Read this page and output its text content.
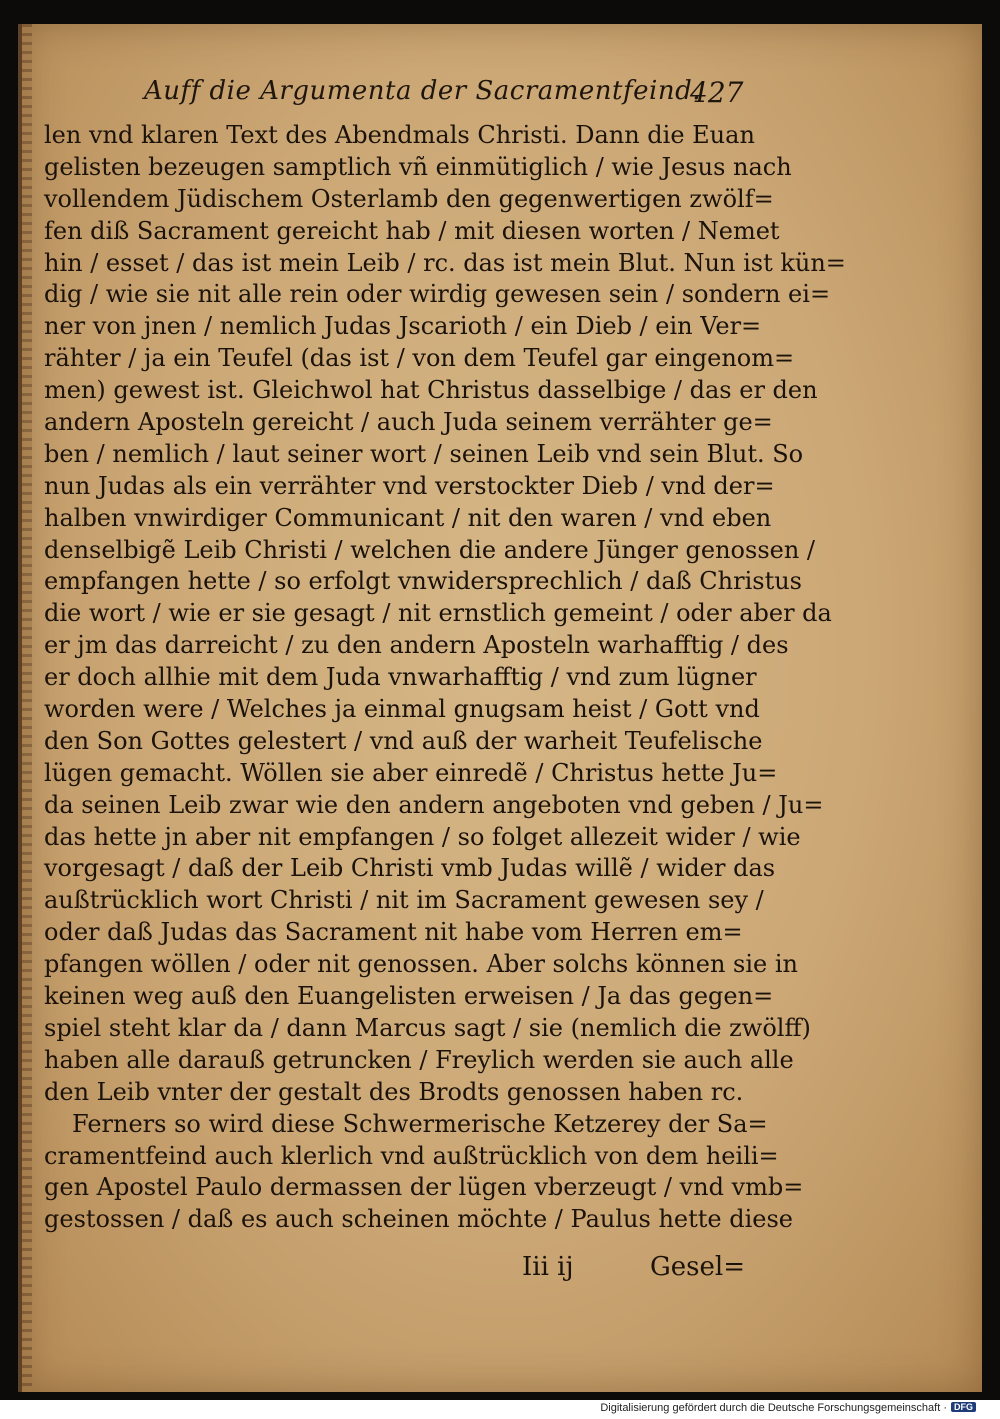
Auff die Argumenta der Sacramentfeind.
427
len vnd klaren Text des Abendmals Christi. Dann die Euan
gelisten bezeugen samptlich vñ einmütiglich / wie Jesus nach
vollendem Jüdischem Osterlamb den gegenwertigen zwölf=
fen diß Sacrament gereicht hab / mit diesen worten / Nemet
hin / esset / das ist mein Leib / rc. das ist mein Blut. Nun ist kün=
dig / wie sie nit alle rein oder wirdig gewesen sein / sondern ei=
ner von jnen / nemlich Judas Jscarioth / ein Dieb / ein Ver=
rähter / ja ein Teufel (das ist / von dem Teufel gar eingenom=
men) gewest ist. Gleichwol hat Christus dasselbige / das er den
andern Aposteln gereicht / auch Juda seinem verrähter ge=
ben / nemlich / laut seiner wort / seinen Leib vnd sein Blut. So
nun Judas als ein verrähter vnd verstockter Dieb / vnd der=
halben vnwirdiger Communicant / nit den waren / vnd eben
denselbigẽ Leib Christi / welchen die andere Jünger genossen /
empfangen hette / so erfolgt vnwidersprechlich / daß Christus
die wort / wie er sie gesagt / nit ernstlich gemeint / oder aber da
er jm das darreicht / zu den andern Aposteln warhafftig / des
er doch allhie mit dem Juda vnwarhafftig / vnd zum lügner
worden were / Welches ja einmal gnugsam heist / Gott vnd
den Son Gottes gelestert / vnd auß der warheit Teufelische
lügen gemacht. Wöllen sie aber einredẽ / Christus hette Ju=
da seinen Leib zwar wie den andern angeboten vnd geben / Ju=
das hette jn aber nit empfangen / so folget allezeit wider / wie
vorgesagt / daß der Leib Christi vmb Judas willẽ / wider das
außtrücklich wort Christi / nit im Sacrament gewesen sey /
oder daß Judas das Sacrament nit habe vom Herren em=
pfangen wöllen / oder nit genossen. Aber solchs können sie in
keinen weg auß den Euangelisten erweisen / Ja das gegen=
spiel steht klar da / dann Marcus sagt / sie (nemlich die zwölff)
haben alle darauß getruncken / Freylich werden sie auch alle
den Leib vnter der gestalt des Brodts genossen haben rc.
Ferners so wird diese Schwermerische Ketzerey der Sa=
cramentfeind auch klerlich vnd außtrücklich von dem heili=
gen Apostel Paulo dermassen der lügen vberzeugt / vnd vmb=
gestossen / daß es auch scheinen möchte / Paulus hette diese
Iii ij	Gesel=
Digitalisierung gefördert durch die Deutsche Forschungsgemeinschaft · DFG
